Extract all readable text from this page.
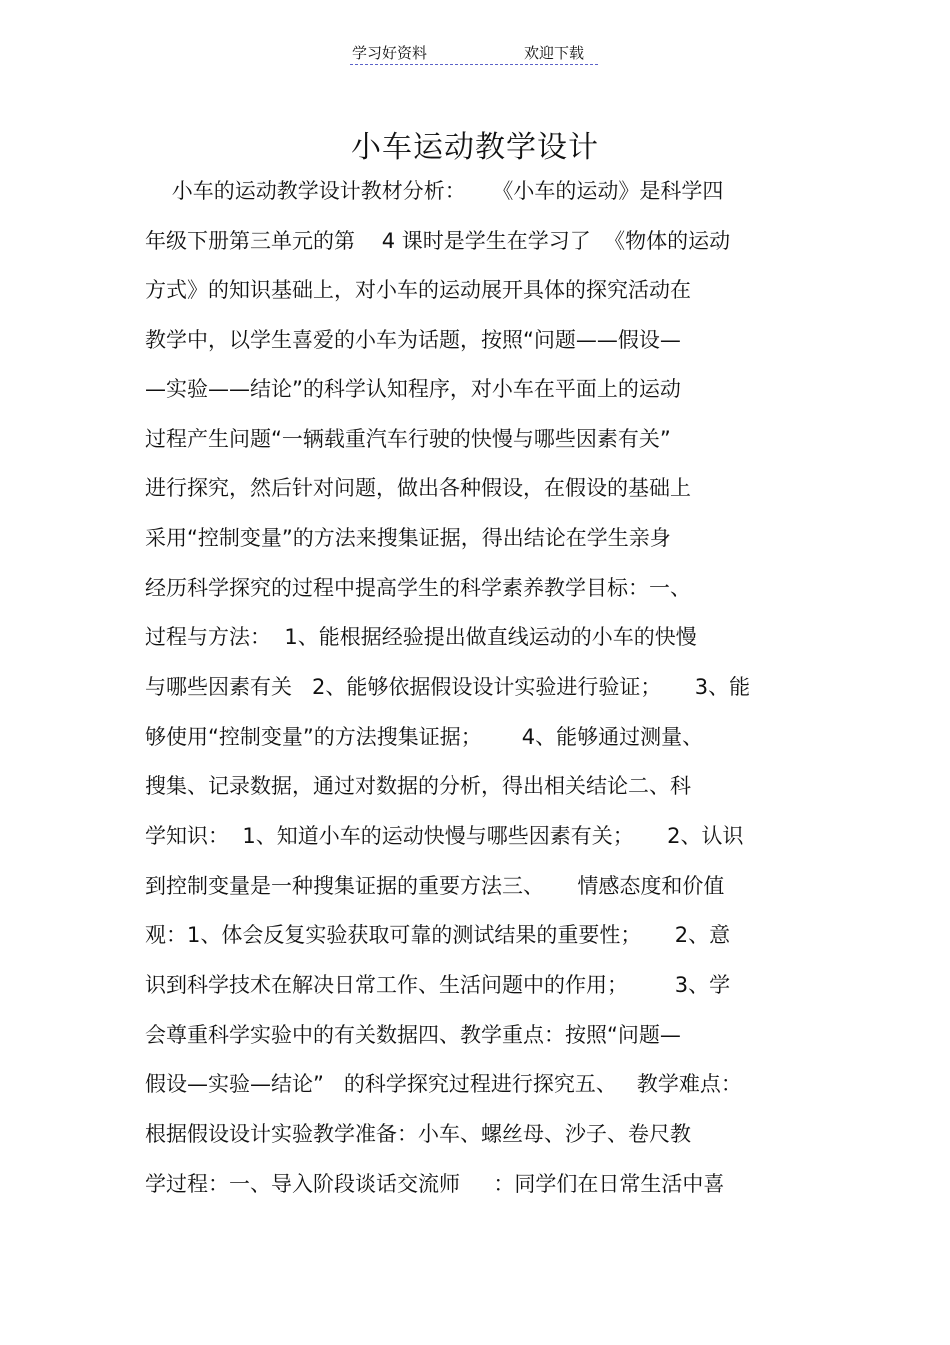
学习好资料	欢迎下载
小车运动教学设计
小车的运动教学设计教材分析：    《小车的运动》是科学四
年级下册第三单元的第    4 课时是学生在学习了  《物体的运动
方式》的知识基础上，对小车的运动展开具体的探究活动在
教学中，以学生喜爱的小车为话题，按照“问题——假设—
—实验——结论”的科学认知程序，对小车在平面上的运动
过程产生问题“一辆载重汽车行驶的快慢与哪些因素有关”
进行探究，然后针对问题，做出各种假设，在假设的基础上
采用“控制变量”的方法来搜集证据，得出结论在学生亲身
经历科学探究的过程中提高学生的科学素养教学目标：一、
过程与方法：  1、能根据经验提出做直线运动的小车的快慢
与哪些因素有关   2、能够依据假设设计实验进行验证；     3、能
够使用“控制变量”的方法搜集证据；      4、能够通过测量、
搜集、记录数据，通过对数据的分析，得出相关结论二、科
学知识：  1、知道小车的运动快慢与哪些因素有关；     2、认识
到控制变量是一种搜集证据的重要方法三、     情感态度和价值
观：1、体会反复实验获取可靠的测试结果的重要性；     2、意
识到科学技术在解决日常工作、生活问题中的作用；       3、学
会尊重科学实验中的有关数据四、教学重点：按照“问题—
假设—实验—结论”   的科学探究过程进行探究五、   教学难点：
根据假设设计实验教学准备：小车、螺丝母、沙子、卷尺教
学过程：一、导入阶段谈话交流师     ：同学们在日常生活中喜
